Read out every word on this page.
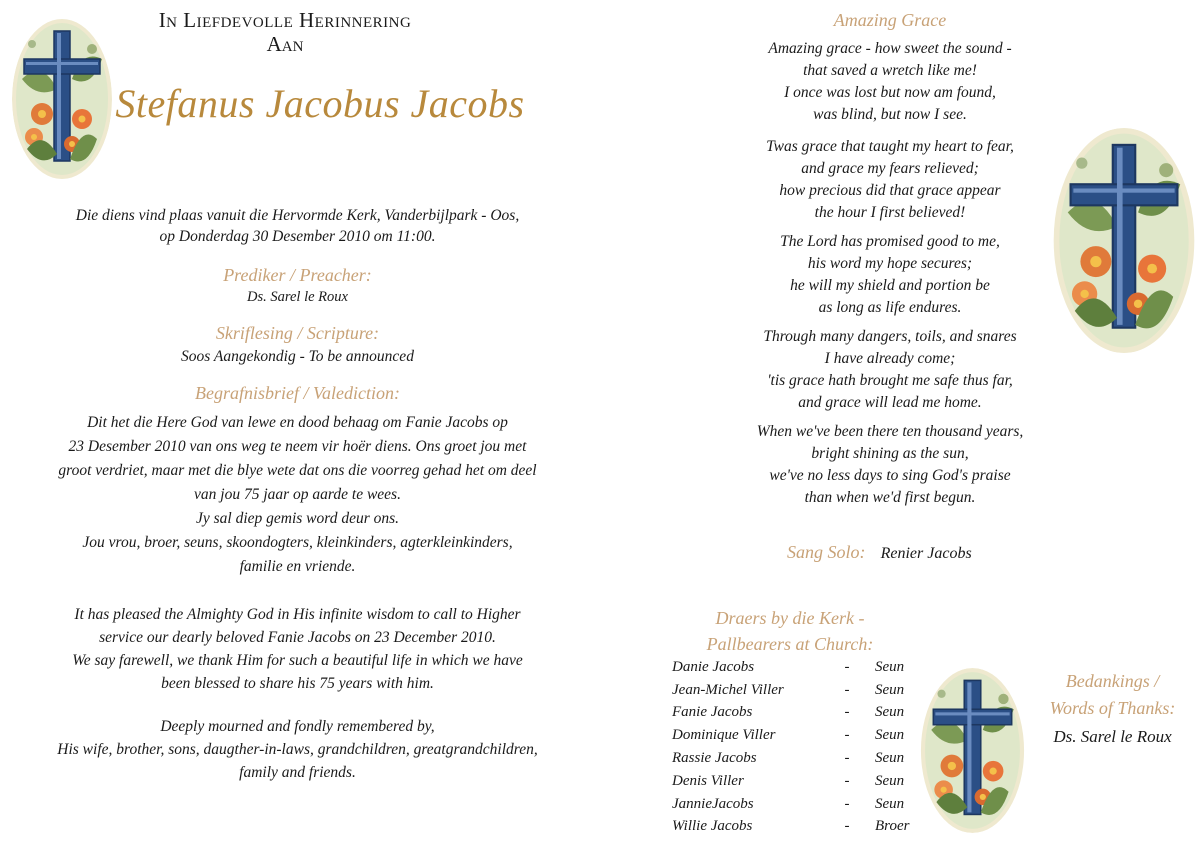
In Liefdevolle Herinnering
Aan
Stefanus Jacobus Jacobs
Die diens vind plaas vanuit die Hervormde Kerk, Vanderbijlpark - Oos,
op Donderdag 30 Desember 2010 om 11:00.
Prediker / Preacher:
Ds. Sarel le Roux
Skriflesing / Scripture:
Soos Aangekondig - To be announced
Begrafnisbrief / Valediction:
Dit het die Here God van lewe en dood behaag om Fanie Jacobs op
23 Desember 2010 van ons weg te neem vir hoër diens. Ons groet jou met
groot verdriet, maar met die blye wete dat ons die voorreg gehad het om deel
van jou 75 jaar op aarde te wees.
Jy sal diep gemis word deur ons.
Jou vrou, broer, seuns, skoondogters, kleinkinders, agterkleinkinders,
familie en vriende.
It has pleased the Almighty God in His infinite wisdom to call to Higher
service our dearly beloved Fanie Jacobs on 23 December 2010.
We say farewell, we thank Him for such a beautiful life in which we have
been blessed to share his 75 years with him.
Deeply mourned and fondly remembered by,
His wife, brother, sons, daugther-in-laws, grandchildren, greatgrandchildren,
family and friends.
Amazing Grace

Amazing grace - how sweet the sound -

that saved a wretch like me!

I once was lost but now am found,

was blind, but now I see.

Twas grace that taught my heart to fear,

and grace my fears relieved;

how precious did that grace appear

the hour I first believed!

The Lord has promised good to me,

his word my hope secures;

he will my shield and portion be

as long as life endures.

Through many dangers, toils, and snares

I have already come;

'tis grace hath brought me safe thus far,

and grace will lead me home.

When we've been there ten thousand years,

bright shining as the sun,

we've no less days to sing God's praise

than when we'd first begun.

Sang Solo: Renier Jacobs
Draers by die Kerk -
Pallbearers at Church:
Danie Jacobs	-	Seun
Jean-Michel Viller	-	Seun
Fanie Jacobs	-	Seun
Dominique Viller	-	Seun
Rassie Jacobs	-	Seun
Denis Viller	-	Seun
JannieJacobs	-	Seun
Willie Jacobs	-	Broer
Bedankings /
Words of Thanks:
Ds. Sarel le Roux
